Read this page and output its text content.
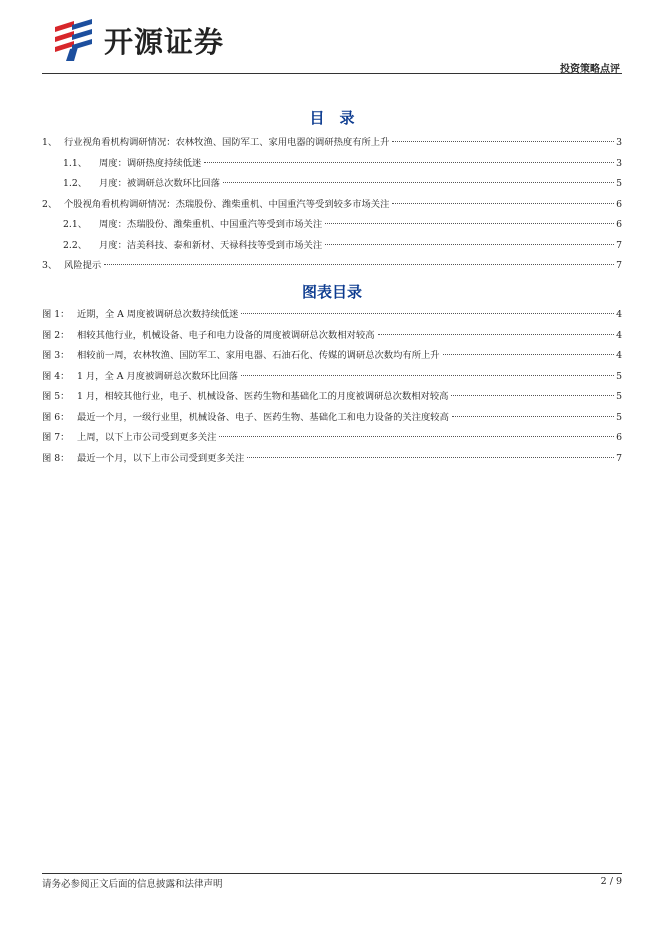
开源证券
投资策略点评
目　录
1、 行业视角看机构调研情况：农林牧渔、国防军工、家用电器的调研热度有所上升	3
1.1、	周度：调研热度持续低迷	3
1.2、	月度：被调研总次数环比回落	5
2、 个股视角看机构调研情况：杰瑞股份、潍柴重机、中国重汽等受到较多市场关注	6
2.1、	周度：杰瑞股份、潍柴重机、中国重汽等受到市场关注	6
2.2、	月度：洁美科技、泰和新材、天禄科技等受到市场关注	7
3、 风险提示	7
图表目录
图 1： 近期，全 A 周度被调研总次数持续低迷	4
图 2： 相较其他行业，机械设备、电子和电力设备的周度被调研总次数相对较高	4
图 3： 相较前一周，农林牧渔、国防军工、家用电器、石油石化、传媒的调研总次数均有所上升	4
图 4： 1 月，全 A 月度被调研总次数环比回落	5
图 5： 1 月，相较其他行业，电子、机械设备、医药生物和基础化工的月度被调研总次数相对较高	5
图 6： 最近一个月，一级行业里，机械设备、电子、医药生物、基础化工和电力设备的关注度较高	5
图 7： 上周，以下上市公司受到更多关注	6
图 8： 最近一个月，以下上市公司受到更多关注	7
请务必参阅正文后面的信息披露和法律声明	2 / 9
